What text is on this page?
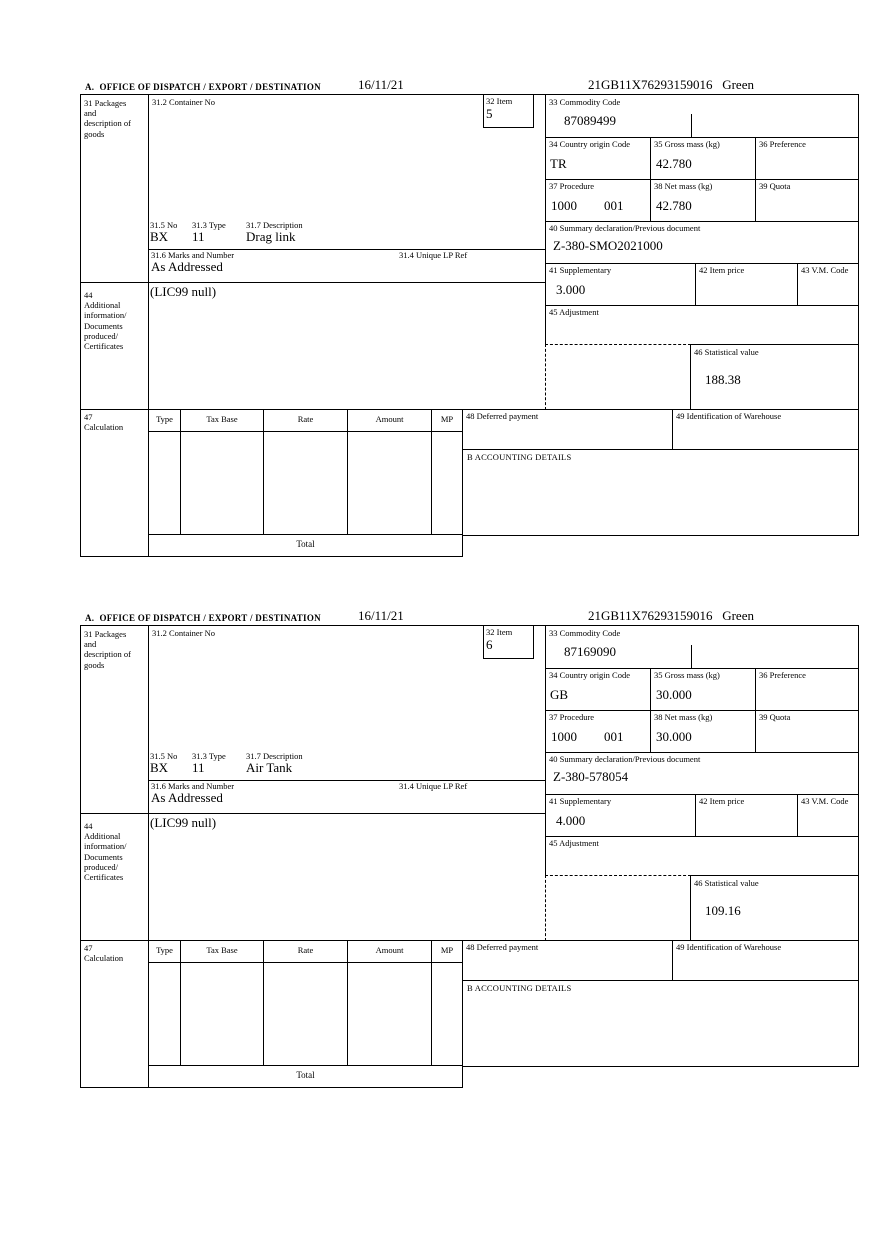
A.  OFFICE OF DISPATCH / EXPORT / DESTINATION	16/11/21	21GB11X76293159016   Green
31 Packages and description of goods
44 Additional information/ Documents produced/ Certificates
47 Calculation
31.2 Container No	32 Item
5
31.5 No 31.3 Type 31.7 Description
BX 11	Drag link
31.6 Marks and Number	31.4 Unique LP Ref
As Addressed
(LIC99 null)
33 Commodity Code
87089499
34 Country origin Code
TR
35 Gross mass (kg)
42.780
36 Preference
37 Procedure
1000 001
38 Net mass (kg)
42.780
39 Quota
40 Summary declaration/Previous document
Z-380-SMO2021000
41 Supplementary
3.000
42 Item price	43 V.M. Code
45 Adjustment
46 Statistical value
188.38
Type	Tax Base	Rate	Amount	MP
Total
48 Deferred payment	49 Identification of Warehouse
B ACCOUNTING DETAILS
A.  OFFICE OF DISPATCH / EXPORT / DESTINATION	16/11/21	21GB11X76293159016   Green
31 Packages and description of goods
44 Additional information/ Documents produced/ Certificates
47 Calculation
31.2 Container No	32 Item
6
31.5 No 31.3 Type 31.7 Description
BX 11	Air Tank
31.6 Marks and Number	31.4 Unique LP Ref
As Addressed
(LIC99 null)
33 Commodity Code
87169090
34 Country origin Code
GB
35 Gross mass (kg)
30.000
36 Preference
37 Procedure
1000 001
38 Net mass (kg)
30.000
39 Quota
40 Summary declaration/Previous document
Z-380-578054
41 Supplementary
4.000
42 Item price	43 V.M. Code
45 Adjustment
46 Statistical value
109.16
Type	Tax Base	Rate	Amount	MP
Total
48 Deferred payment	49 Identification of Warehouse
B ACCOUNTING DETAILS
